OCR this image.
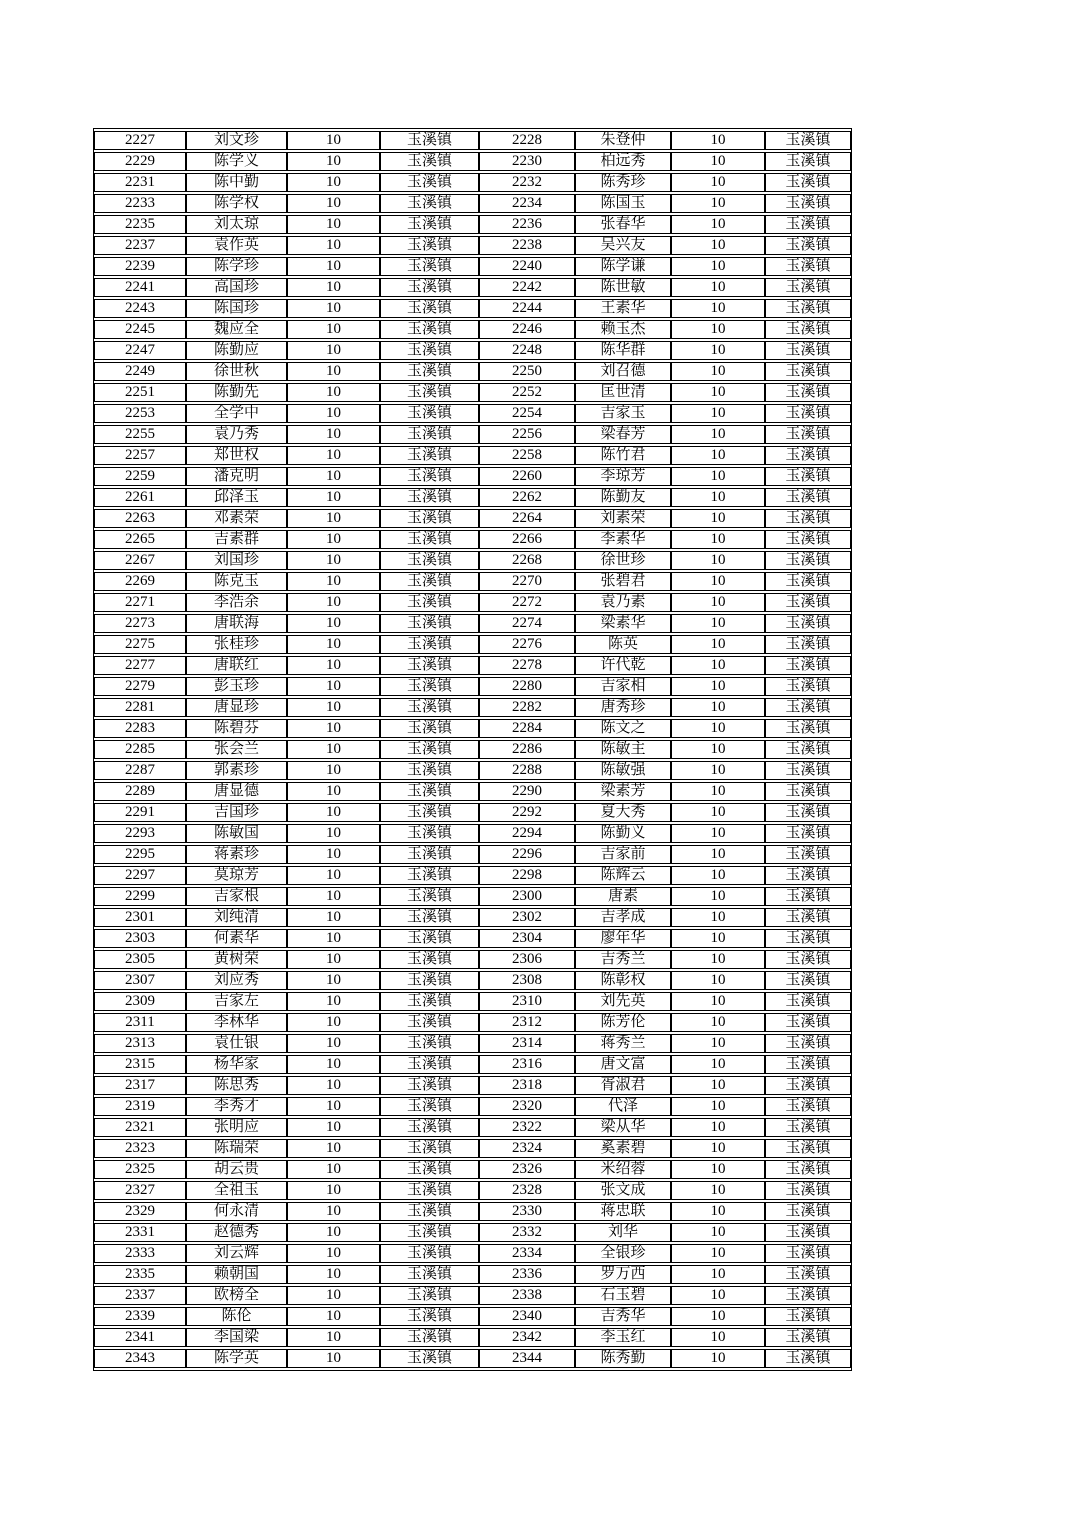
2227	刘文珍	10	玉溪镇	2228	朱登仲	10	玉溪镇
2229	陈学义	10	玉溪镇	2230	柏远秀	10	玉溪镇
2231	陈中勤	10	玉溪镇	2232	陈秀珍	10	玉溪镇
2233	陈学权	10	玉溪镇	2234	陈国玉	10	玉溪镇
2235	刘太琼	10	玉溪镇	2236	张春华	10	玉溪镇
2237	袁作英	10	玉溪镇	2238	吴兴友	10	玉溪镇
2239	陈学珍	10	玉溪镇	2240	陈学谦	10	玉溪镇
2241	高国珍	10	玉溪镇	2242	陈世敏	10	玉溪镇
2243	陈国珍	10	玉溪镇	2244	王素华	10	玉溪镇
2245	魏应全	10	玉溪镇	2246	赖玉杰	10	玉溪镇
2247	陈勤应	10	玉溪镇	2248	陈华群	10	玉溪镇
2249	徐世秋	10	玉溪镇	2250	刘召德	10	玉溪镇
2251	陈勤先	10	玉溪镇	2252	匡世清	10	玉溪镇
2253	全学中	10	玉溪镇	2254	吉家玉	10	玉溪镇
2255	袁乃秀	10	玉溪镇	2256	梁春芳	10	玉溪镇
2257	郑世权	10	玉溪镇	2258	陈竹君	10	玉溪镇
2259	潘克明	10	玉溪镇	2260	李琼芳	10	玉溪镇
2261	邱泽玉	10	玉溪镇	2262	陈勤友	10	玉溪镇
2263	邓素荣	10	玉溪镇	2264	刘素荣	10	玉溪镇
2265	吉素群	10	玉溪镇	2266	李素华	10	玉溪镇
2267	刘国珍	10	玉溪镇	2268	徐世珍	10	玉溪镇
2269	陈克玉	10	玉溪镇	2270	张碧君	10	玉溪镇
2271	李浩余	10	玉溪镇	2272	袁乃素	10	玉溪镇
2273	唐联海	10	玉溪镇	2274	梁素华	10	玉溪镇
2275	张桂珍	10	玉溪镇	2276	陈英	10	玉溪镇
2277	唐联红	10	玉溪镇	2278	许代乾	10	玉溪镇
2279	彭玉珍	10	玉溪镇	2280	吉家相	10	玉溪镇
2281	唐显珍	10	玉溪镇	2282	唐秀珍	10	玉溪镇
2283	陈碧芬	10	玉溪镇	2284	陈文之	10	玉溪镇
2285	张会兰	10	玉溪镇	2286	陈敏主	10	玉溪镇
2287	郭素珍	10	玉溪镇	2288	陈敏强	10	玉溪镇
2289	唐显德	10	玉溪镇	2290	梁素芳	10	玉溪镇
2291	吉国珍	10	玉溪镇	2292	夏大秀	10	玉溪镇
2293	陈敏国	10	玉溪镇	2294	陈勤义	10	玉溪镇
2295	蒋素珍	10	玉溪镇	2296	吉家前	10	玉溪镇
2297	莫琼芳	10	玉溪镇	2298	陈辉云	10	玉溪镇
2299	吉家根	10	玉溪镇	2300	唐素	10	玉溪镇
2301	刘纯清	10	玉溪镇	2302	吉孝成	10	玉溪镇
2303	何素华	10	玉溪镇	2304	廖年华	10	玉溪镇
2305	黄树荣	10	玉溪镇	2306	吉秀兰	10	玉溪镇
2307	刘应秀	10	玉溪镇	2308	陈彰权	10	玉溪镇
2309	吉家左	10	玉溪镇	2310	刘先英	10	玉溪镇
2311	李林华	10	玉溪镇	2312	陈芳伦	10	玉溪镇
2313	袁仕银	10	玉溪镇	2314	蒋秀兰	10	玉溪镇
2315	杨华家	10	玉溪镇	2316	唐文富	10	玉溪镇
2317	陈思秀	10	玉溪镇	2318	胥淑君	10	玉溪镇
2319	李秀才	10	玉溪镇	2320	代泽	10	玉溪镇
2321	张明应	10	玉溪镇	2322	梁从华	10	玉溪镇
2323	陈瑞荣	10	玉溪镇	2324	奚素碧	10	玉溪镇
2325	胡云贵	10	玉溪镇	2326	米绍蓉	10	玉溪镇
2327	全祖玉	10	玉溪镇	2328	张文成	10	玉溪镇
2329	何永清	10	玉溪镇	2330	蒋忠联	10	玉溪镇
2331	赵德秀	10	玉溪镇	2332	刘华	10	玉溪镇
2333	刘云辉	10	玉溪镇	2334	全银珍	10	玉溪镇
2335	赖朝国	10	玉溪镇	2336	罗万西	10	玉溪镇
2337	欧榜全	10	玉溪镇	2338	石玉碧	10	玉溪镇
2339	陈伦	10	玉溪镇	2340	吉秀华	10	玉溪镇
2341	李国梁	10	玉溪镇	2342	李玉红	10	玉溪镇
2343	陈学英	10	玉溪镇	2344	陈秀勤	10	玉溪镇
